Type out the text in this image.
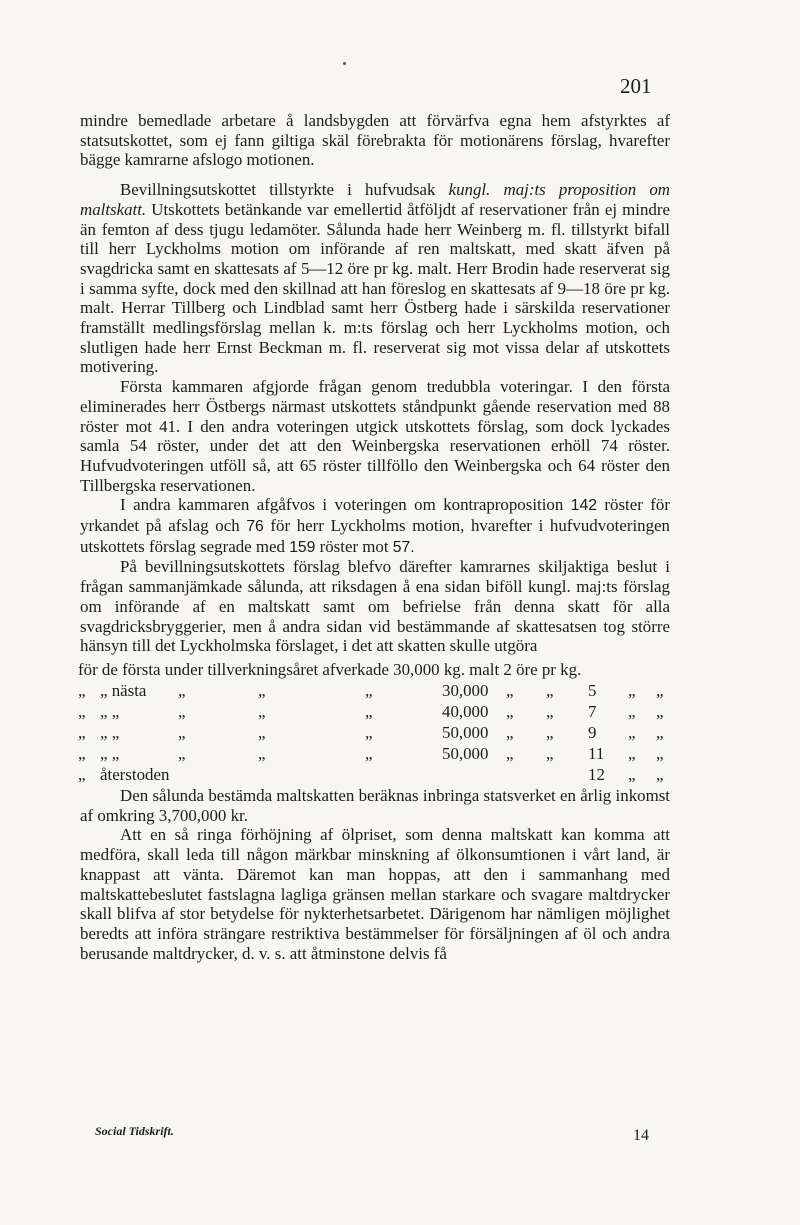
201

mindre bemedlade arbetare å landsbygden att förvärfva egna hem afstyrktes af statsutskottet, som ej fann giltiga skäl förebrakta för motionärens förslag, hvarefter bägge kamrarne afslogo motionen.

Bevillningsutskottet tillstyrkte i hufvudsak kungl. maj:ts proposition om maltskatt. Utskottets betänkande var emellertid åtföljdt af reservationer från ej mindre än femton af dess tjugu ledamöter. Sålunda hade herr Weinberg m. fl. tillstyrkt bifall till herr Lyckholms motion om införande af ren maltskatt, med skatt äfven på svagdricka samt en skattesats af 5—12 öre pr kg. malt. Herr Brodin hade reserverat sig i samma syfte, dock med den skillnad att han föreslog en skattesats af 9—18 öre pr kg. malt. Herrar Tillberg och Lindblad samt herr Östberg hade i särskilda reservationer framställt medlingsförslag mellan k. m:ts förslag och herr Lyckholms motion, och slutligen hade herr Ernst Beckman m. fl. reserverat sig mot vissa delar af utskottets motivering.

Första kammaren afgjorde frågan genom tredubbla voteringar. I den första eliminerades herr Östbergs närmast utskottets ståndpunkt gående reservation med 88 röster mot 41. I den andra voteringen utgick utskottets förslag, som dock lyckades samla 54 röster, under det att den Weinbergska reservationen erhöll 74 röster. Hufvudvoteringen utföll så, att 65 röster tillföllo den Weinbergska och 64 röster den Tillbergska reservationen.

I andra kammaren afgåfvos i voteringen om kontraproposition 142 röster för yrkandet på afslag och 76 för herr Lyckholms motion, hvarefter i hufvudvoteringen utskottets förslag segrade med 159 röster mot 57.

På bevillningsutskottets förslag blefvo därefter kamrarnes skiljaktiga beslut i frågan sammanjämkade sålunda, att riksdagen å ena sidan biföll kungl. maj:ts förslag om införande af en maltskatt samt om befrielse från denna skatt för alla svagdricksbryggerier, men å andra sidan vid bestämmande af skattesatsen tog större hänsyn till det Lyckholmska förslaget, i det att skatten skulle utgöra

för de första under tillverkningsåret afverkade 30,000 kg. malt 2 öre pr kg.
„ „ nästa „	„	„	30,000 „ „ 5 „ „
„ „ „	„	„	„	40,000 „ „ 7 „ „
„ „ „	„	„	„	50,000 „ „ 9 „ „
„ „ „	„	„	„	50,000 „ „ 11 „ „
„ återstoden	12 „ „

Den sålunda bestämda maltskatten beräknas inbringa statsverket en årlig inkomst af omkring 3,700,000 kr.

Att en så ringa förhöjning af ölpriset, som denna maltskatt kan komma att medföra, skall leda till någon märkbar minskning af ölkonsumtionen i vårt land, är knappast att vänta. Däremot kan man hoppas, att den i sammanhang med maltskattebeslutet fastslagna lagliga gränsen mellan starkare och svagare maltdrycker skall blifva af stor betydelse för nykterhetsarbetet. Därigenom har nämligen möjlighet beredts att införa strängare restriktiva bestämmelser för försäljningen af öl och andra berusande maltdrycker, d. v. s. att åtminstone delvis få

Social Tidskrift.	14
